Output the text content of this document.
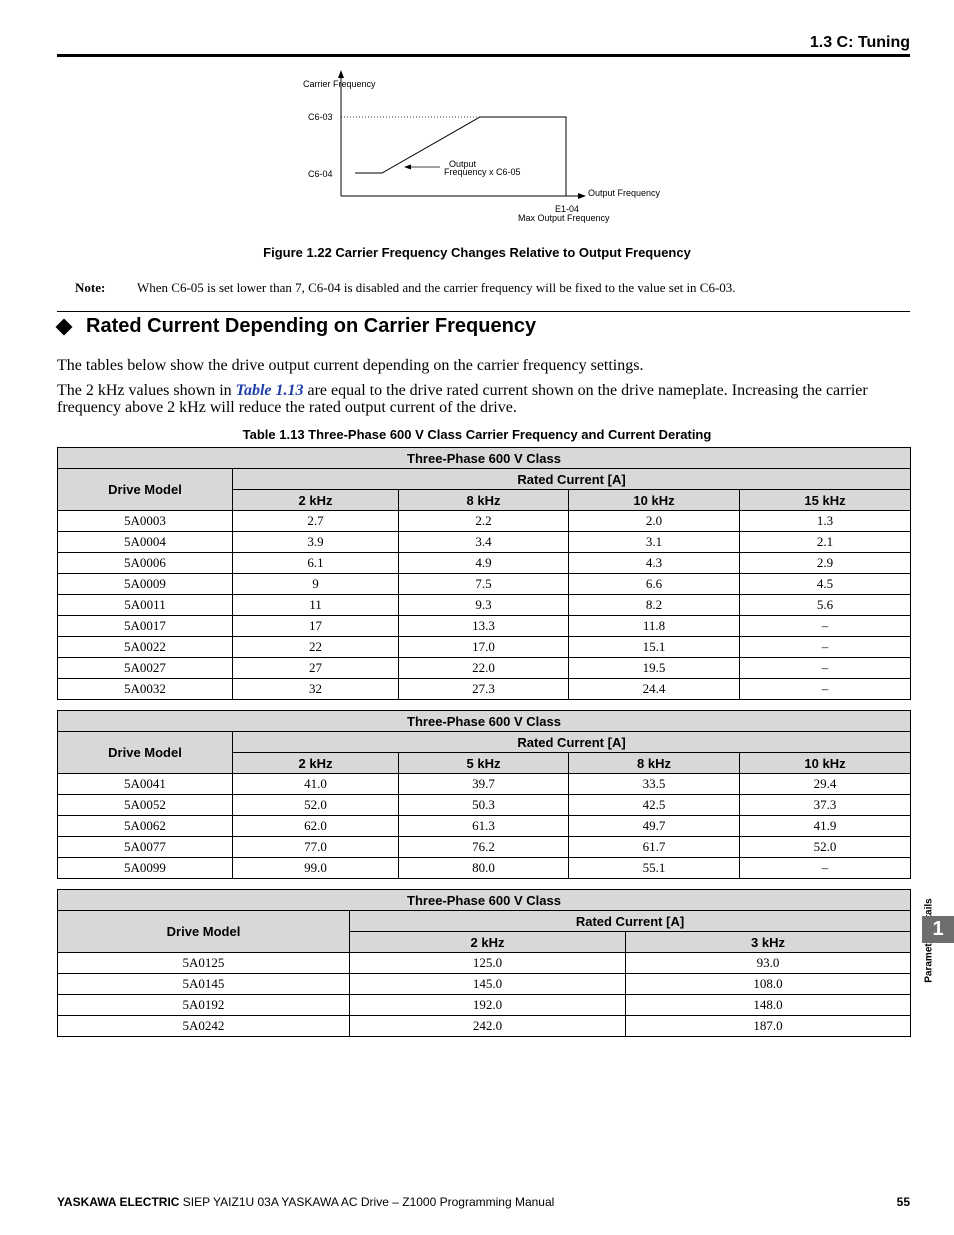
1.3 C: Tuning
Carrier Frequency
C6-03
C6-04
Output
Frequency x C6-05
Output Frequency
E1-04
Max Output Frequency
Figure 1.22 Carrier Frequency Changes Relative to Output Frequency
Note: When C6-05 is set lower than 7, C6-04 is disabled and the carrier frequency will be fixed to the value set in C6-03.
Rated Current Depending on Carrier Frequency
The tables below show the drive output current depending on the carrier frequency settings.
The 2 kHz values shown in Table 1.13 are equal to the drive rated current shown on the drive nameplate. Increasing the carrier frequency above 2 kHz will reduce the rated output current of the drive.
Table 1.13 Three-Phase 600 V Class Carrier Frequency and Current Derating
Three-Phase 600 V Class				
Drive Model	Rated Current [A]			
	2 kHz	8 kHz	10 kHz	15 kHz
5A0003	2.7	2.2	2.0	1.3
5A0004	3.9	3.4	3.1	2.1
5A0006	6.1	4.9	4.3	2.9
5A0009	9	7.5	6.6	4.5
5A0011	11	9.3	8.2	5.6
5A0017	17	13.3	11.8	–
5A0022	22	17.0	15.1	–
5A0027	27	22.0	19.5	–
5A0032	32	27.3	24.4	–
Three-Phase 600 V Class				
Drive Model	Rated Current [A]			
	2 kHz	5 kHz	8 kHz	10 kHz
5A0041	41.0	39.7	33.5	29.4
5A0052	52.0	50.3	42.5	37.3
5A0062	62.0	61.3	49.7	41.9
5A0077	77.0	76.2	61.7	52.0
5A0099	99.0	80.0	55.1	–
Three-Phase 600 V Class		
Drive Model	Rated Current [A]	
	2 kHz	3 kHz
5A0125	125.0	93.0
5A0145	145.0	108.0
5A0192	192.0	148.0
5A0242	242.0	187.0
1
YASKAWA ELECTRIC SIEP YAIZ1U 03A YASKAWA AC Drive – Z1000 Programming Manual	55
